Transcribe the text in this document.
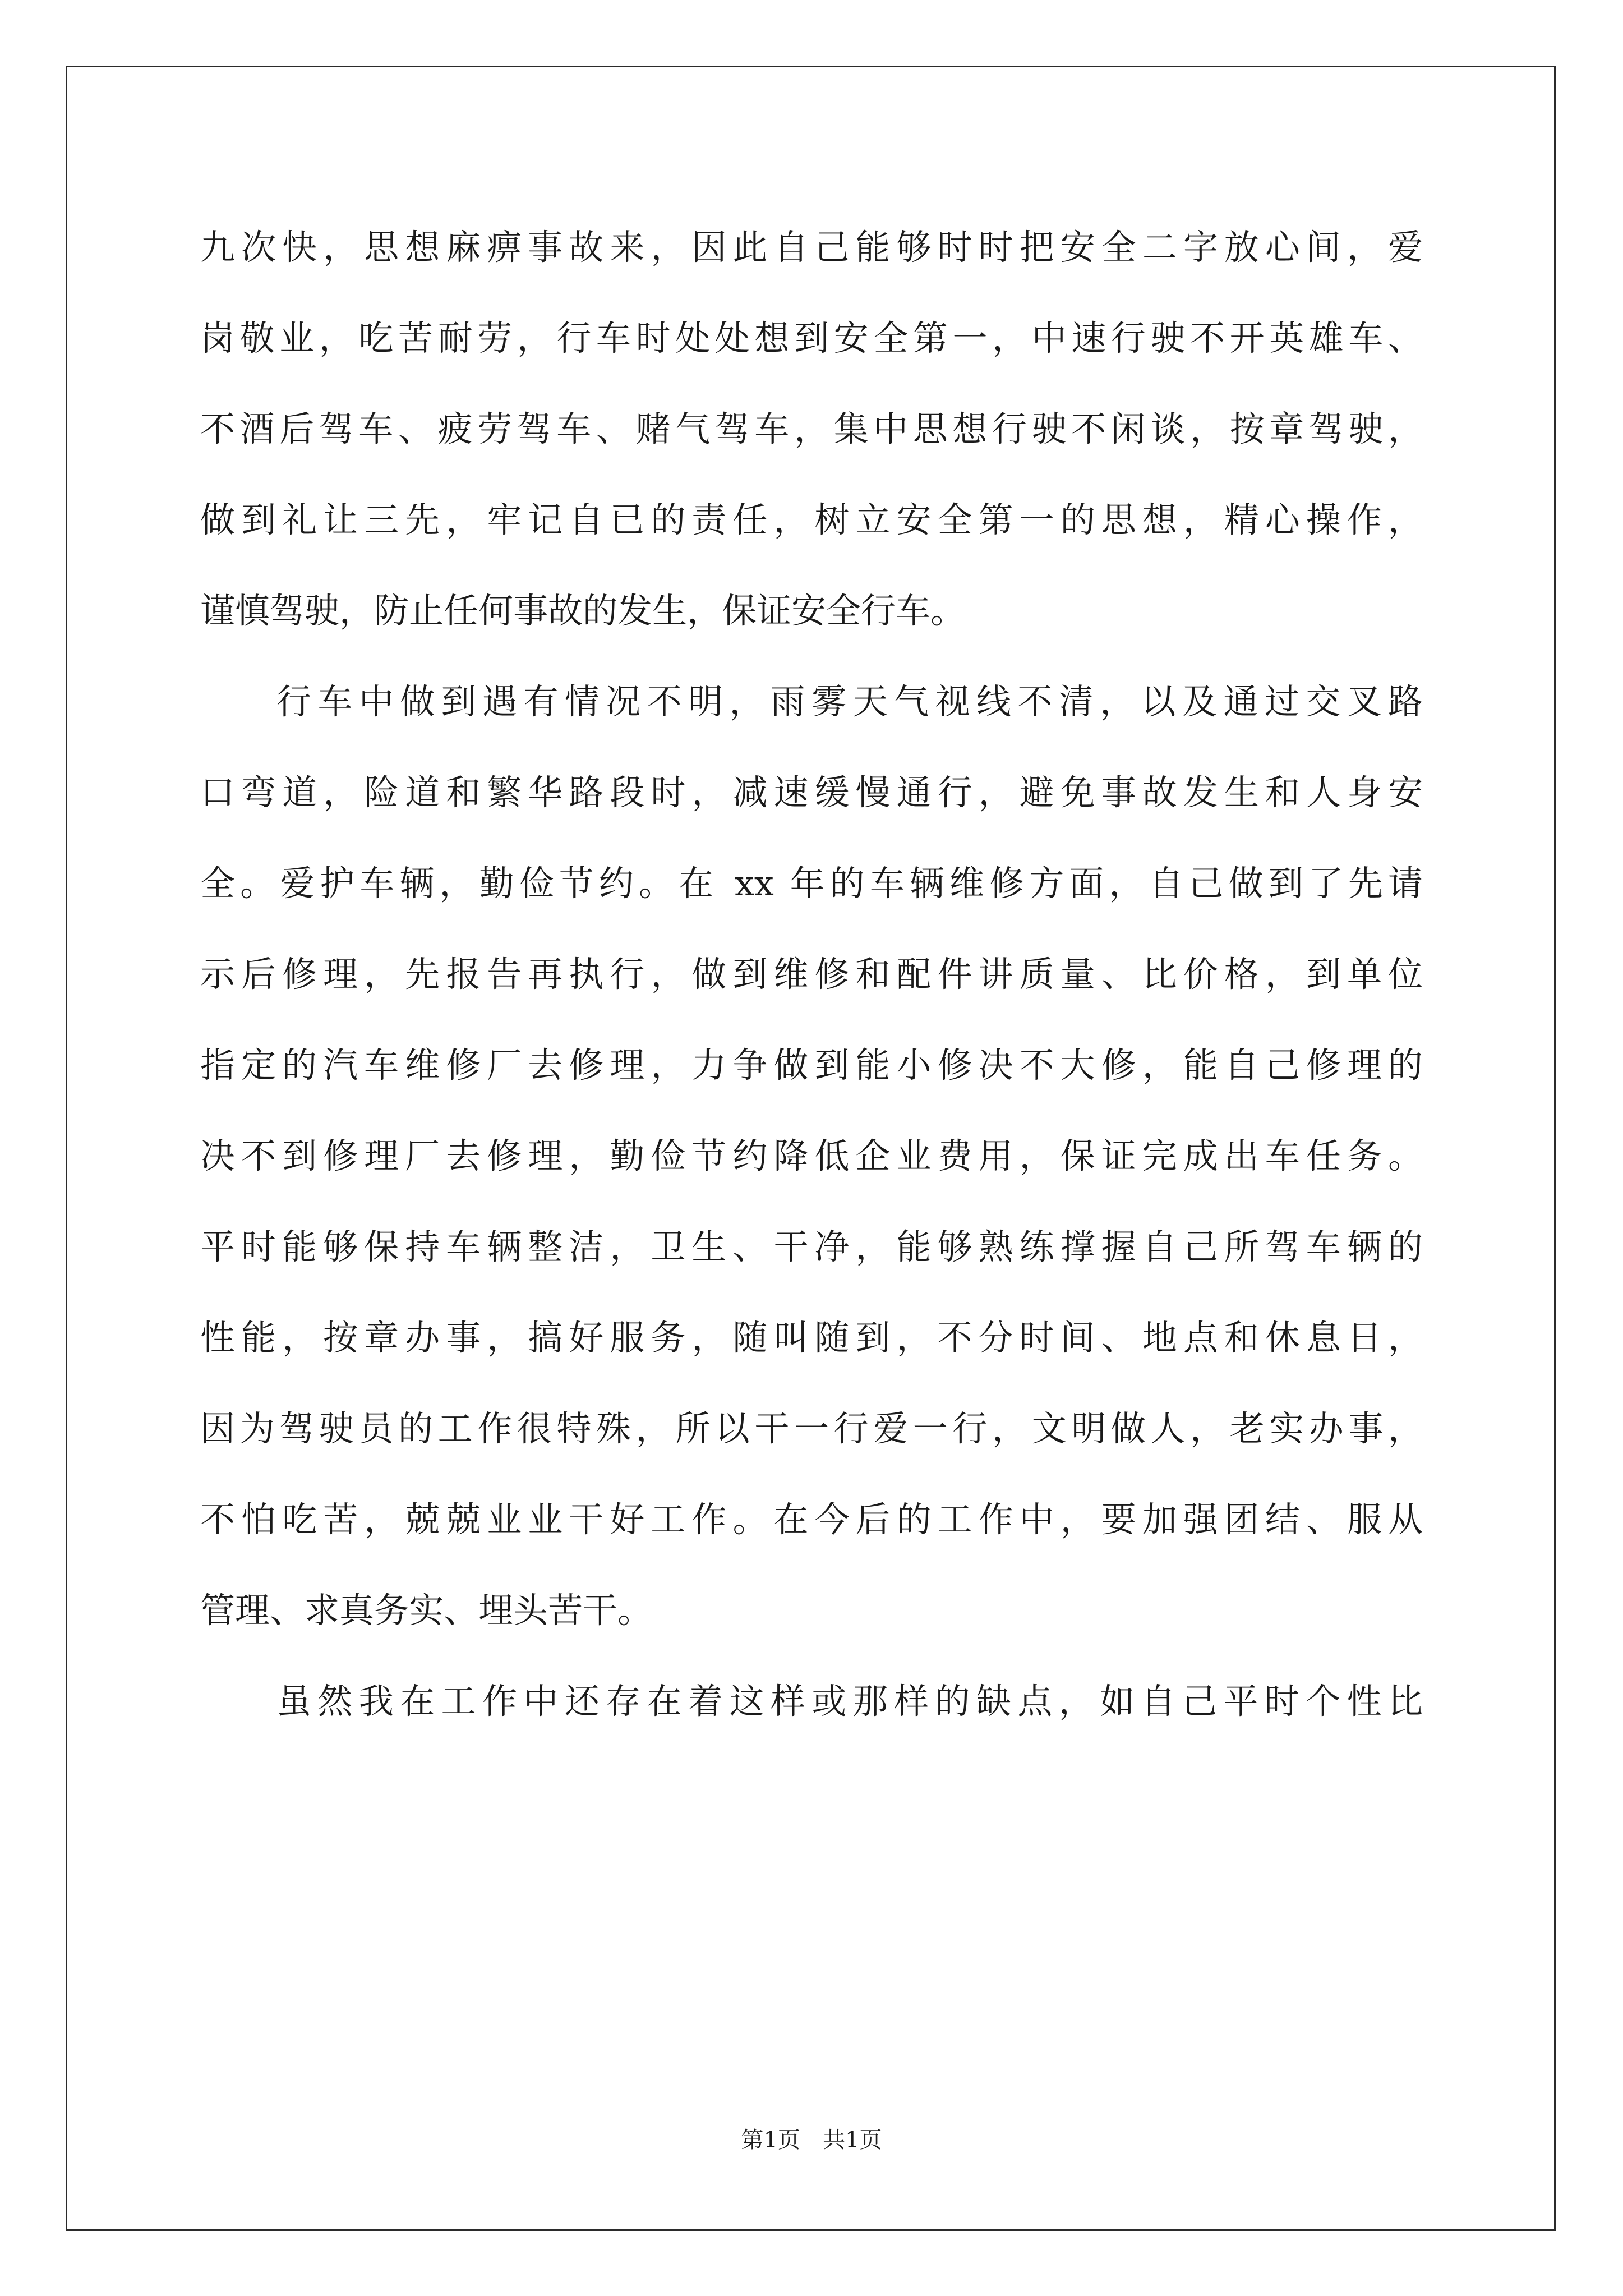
九次快，思想麻痹事故来，因此自己能够时时把安全二字放心间，爱
岗敬业，吃苦耐劳，行车时处处想到安全第一，中速行驶不开英雄车、
不酒后驾车、疲劳驾车、赌气驾车，集中思想行驶不闲谈，按章驾驶，
做到礼让三先，牢记自已的责任，树立安全第一的思想，精心操作，
谨慎驾驶，防止任何事故的发生，保证安全行车。
行车中做到遇有情况不明，雨雾天气视线不清，以及通过交叉路
口弯道，险道和繁华路段时，减速缓慢通行，避免事故发生和人身安
全。爱护车辆，勤俭节约。在 xx 年的车辆维修方面，自己做到了先请
示后修理，先报告再执行，做到维修和配件讲质量、比价格，到单位
指定的汽车维修厂去修理，力争做到能小修决不大修，能自己修理的
决不到修理厂去修理，勤俭节约降低企业费用，保证完成出车任务。
平时能够保持车辆整洁，卫生、干净，能够熟练撑握自己所驾车辆的
性能，按章办事，搞好服务，随叫随到，不分时间、地点和休息日，
因为驾驶员的工作很特殊，所以干一行爱一行，文明做人，老实办事，
不怕吃苦，兢兢业业干好工作。在今后的工作中，要加强团结、服从
管理、求真务实、埋头苦干。
虽然我在工作中还存在着这样或那样的缺点，如自己平时个性比
第1页　共1页
